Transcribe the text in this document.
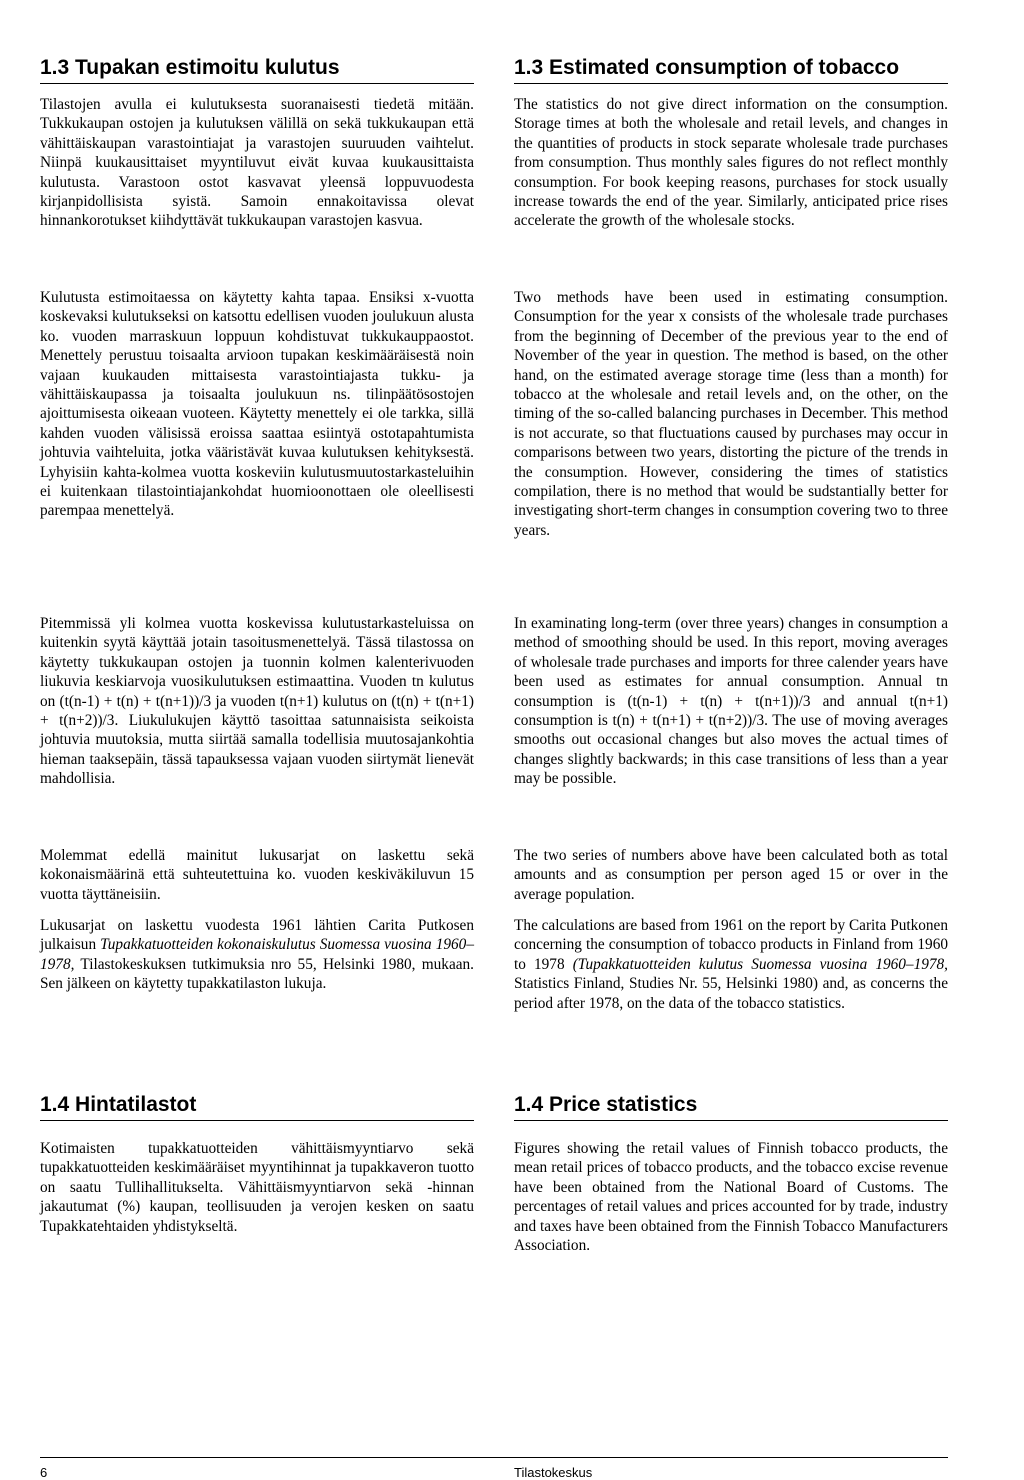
1.3 Tupakan estimoitu kulutus

Tilastojen avulla ei kulutuksesta suoranaisesti tiedetä mitään. Tukkukaupan ostojen ja kulutuksen välillä on sekä tukkukaupan että vähittäiskaupan varastointiajat ja varastojen suuruuden vaihtelut. Niinpä kuukausittaiset myyntiluvut eivät kuvaa kuukausittaista kulutusta. Varastoon ostot kasvavat yleensä loppuvuodesta kirjanpidollisista syistä. Samoin ennakoitavissa olevat hinnankorotukset kiihdyttävät tukkukaupan varastojen kasvua.

Kulutusta estimoitaessa on käytetty kahta tapaa. Ensiksi x-vuotta koskevaksi kulutukseksi on katsottu edellisen vuoden joulukuun alusta ko. vuoden marraskuun loppuun kohdistuvat tukkukauppaostot. Menettely perustuu toisaalta arvioon tupakan keskimääräisestä noin vajaan kuukauden mittaisesta varastointiajasta tukku- ja vähittäiskaupassa ja toisaalta joulukuun ns. tilinpäätösostojen ajoittumisesta oikeaan vuoteen. Käytetty menettely ei ole tarkka, sillä kahden vuoden välisissä eroissa saattaa esiintyä ostotapahtumista johtuvia vaihteluita, jotka vääristävät kuvaa kulutuksen kehityksestä. Lyhyisiin kahta-kolmea vuotta koskeviin kulutusmuutostarkasteluihin ei kuitenkaan tilastointiajankohdat huomioonottaen ole oleellisesti parempaa menettelyä.

Pitemmissä yli kolmea vuotta koskevissa kulutustarkasteluissa on kuitenkin syytä käyttää jotain tasoitusmenettelyä. Tässä tilastossa on käytetty tukkukaupan ostojen ja tuonnin kolmen kalenterivuoden liukuvia keskiarvoja vuosikulutuksen estimaattina. Vuoden tn kulutus on (t(n-1) + t(n) + t(n+1))/3 ja vuoden t(n+1) kulutus on (t(n) + t(n+1) + t(n+2))/3. Liukulukujen käyttö tasoittaa satunnaisista seikoista johtuvia muutoksia, mutta siirtää samalla todellisia muutosajankohtia hieman taaksepäin, tässä tapauksessa vajaan vuoden siirtymät lienevät mahdollisia.

Molemmat edellä mainitut lukusarjat on laskettu sekä kokonaismäärinä että suhteutettuina ko. vuoden keskiväkiluvun 15 vuotta täyttäneisiin.

Lukusarjat on laskettu vuodesta 1961 lähtien Carita Putkosen julkaisun Tupakkatuotteiden kokonaiskulutus Suomessa vuosina 1960–1978, Tilastokeskuksen tutkimuksia nro 55, Helsinki 1980, mukaan. Sen jälkeen on käytetty tupakkatilaston lukuja.

1.4 Hintatilastot

Kotimaisten tupakkatuotteiden vähittäismyyntiarvo sekä tupakkatuotteiden keskimääräiset myyntihinnat ja tupakkaveron tuotto on saatu Tullihallitukselta. Vähittäismyyntiarvon sekä -hinnan jakautumat (%) kaupan, teollisuuden ja verojen kesken on saatu Tupakkatehtaiden yhdistykseltä.

1.3 Estimated consumption of tobacco

The statistics do not give direct information on the consumption. Storage times at both the wholesale and retail levels, and changes in the quantities of products in stock separate wholesale trade purchases from consumption. Thus monthly sales figures do not reflect monthly consumption. For book keeping reasons, purchases for stock usually increase towards the end of the year. Similarly, anticipated price rises accelerate the growth of the wholesale stocks.

Two methods have been used in estimating consumption. Consumption for the year x consists of the wholesale trade purchases from the beginning of December of the previous year to the end of November of the year in question. The method is based, on the other hand, on the estimated average storage time (less than a month) for tobacco at the wholesale and retail levels and, on the other, on the timing of the so-called balancing purchases in December. This method is not accurate, so that fluctuations caused by purchases may occur in comparisons between two years, distorting the picture of the trends in the consumption. However, considering the times of statistics compilation, there is no method that would be sudstantially better for investigating short-term changes in consumption covering two to three years.

In examinating long-term (over three years) changes in consumption a method of smoothing should be used. In this report, moving averages of wholesale trade purchases and imports for three calender years have been used as estimates for annual consumption. Annual tn consumption is (t(n-1) + t(n) + t(n+1))/3 and annual t(n+1) consumption is t(n) + t(n+1) + t(n+2))/3. The use of moving averages smooths out occasional changes but also moves the actual times of changes slightly backwards; in this case transitions of less than a year may be possible.

The two series of numbers above have been calculated both as total amounts and as consumption per person aged 15 or over in the average population.

The calculations are based from 1961 on the report by Carita Putkonen concerning the consumption of tobacco products in Finland from 1960 to 1978 (Tupakkatuotteiden kulutus Suomessa vuosina 1960–1978, Statistics Finland, Studies Nr. 55, Helsinki 1980) and, as concerns the period after 1978, on the data of the tobacco statistics.

1.4 Price statistics

Figures showing the retail values of Finnish tobacco products, the mean retail prices of tobacco products, and the tobacco excise revenue have been obtained from the National Board of Customs. The percentages of retail values and prices accounted for by trade, industry and taxes have been obtained from the Finnish Tobacco Manufacturers Association.

6	Tilastokeskus
